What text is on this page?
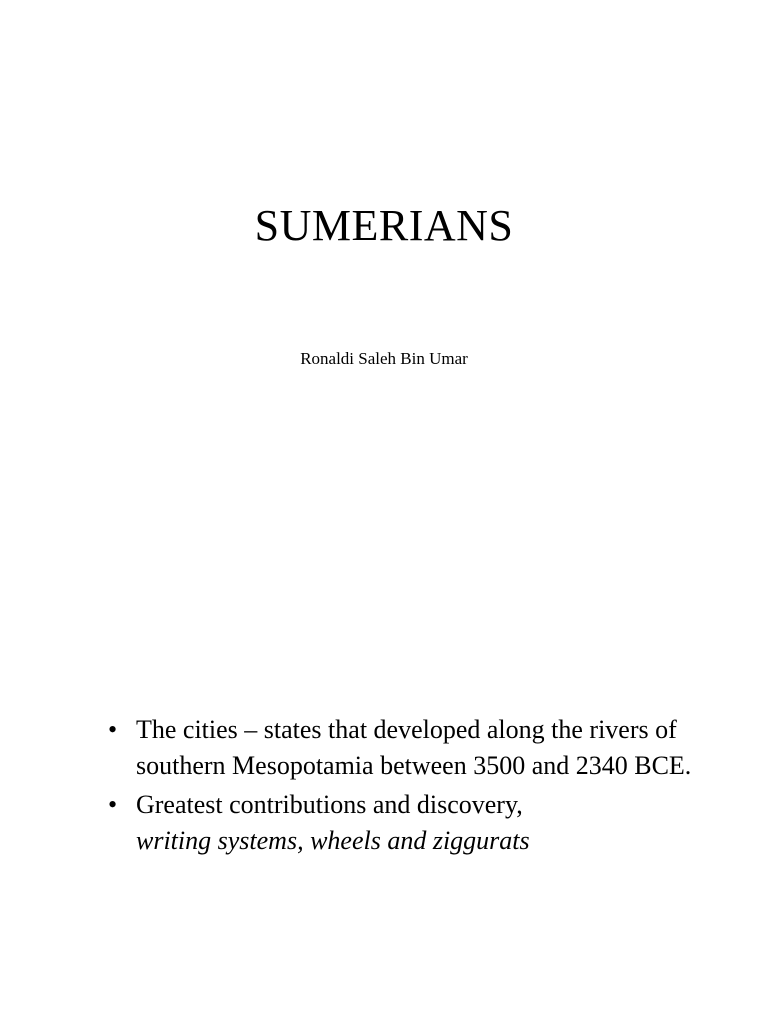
SUMERIANS
Ronaldi Saleh Bin Umar
• The cities – states that developed along the rivers of southern Mesopotamia between 3500 and 2340 BCE.
• Greatest contributions and discovery,
writing systems, wheels and ziggurats
